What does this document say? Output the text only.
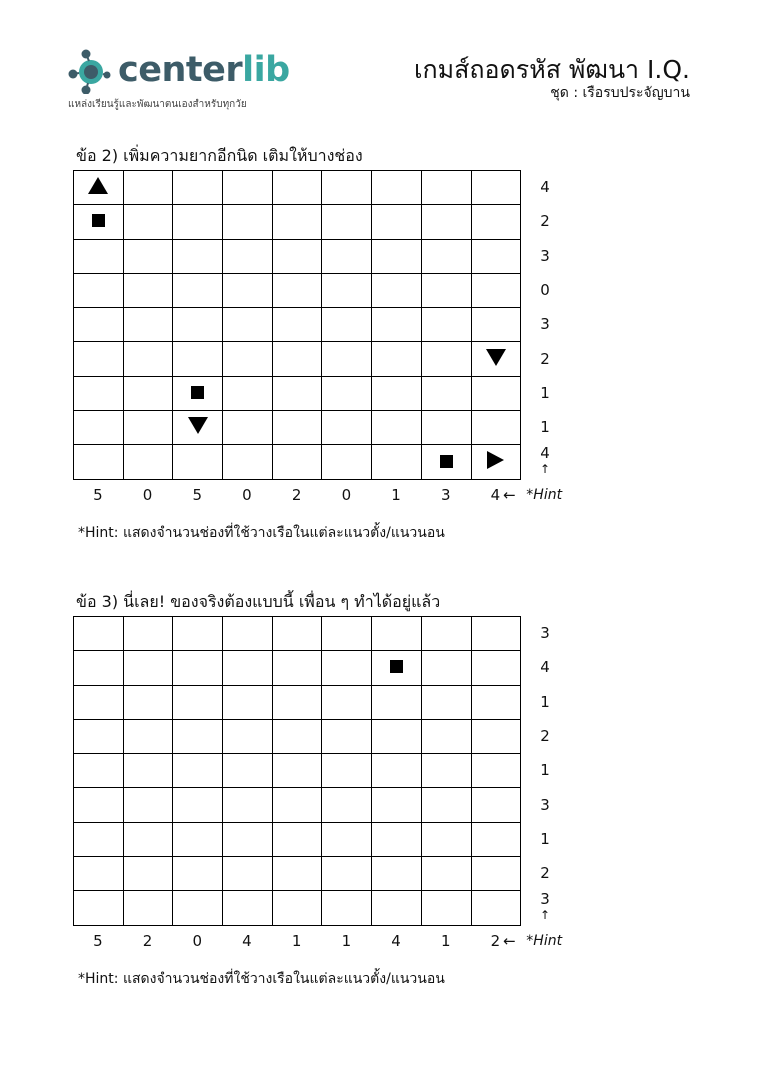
centerlib
แหล่งเรียนรู้และพัฒนาตนเองสำหรับทุกวัย
เกมส์ถอดรหัส พัฒนา I.Q.
ชุด : เรือรบประจัญบาน
ข้อ 2) เพิ่มความยากอีกนิด เติมให้บางช่อง

4
2
3
0
3
2
1
1
4
↑
5	0	5	0	2	0	1	3	4 ← *Hint
*Hint: แสดงจำนวนช่องที่ใช้วางเรือในแต่ละแนวตั้ง/แนวนอน
ข้อ 3) นี่เลย! ของจริงต้องแบบนี้ เพื่อน ๆ ทำได้อยู่แล้ว

3
4
1
2
1
3
1
2
3
↑
5	2	0	4	1	1	4	1	2 ← *Hint
*Hint: แสดงจำนวนช่องที่ใช้วางเรือในแต่ละแนวตั้ง/แนวนอน
